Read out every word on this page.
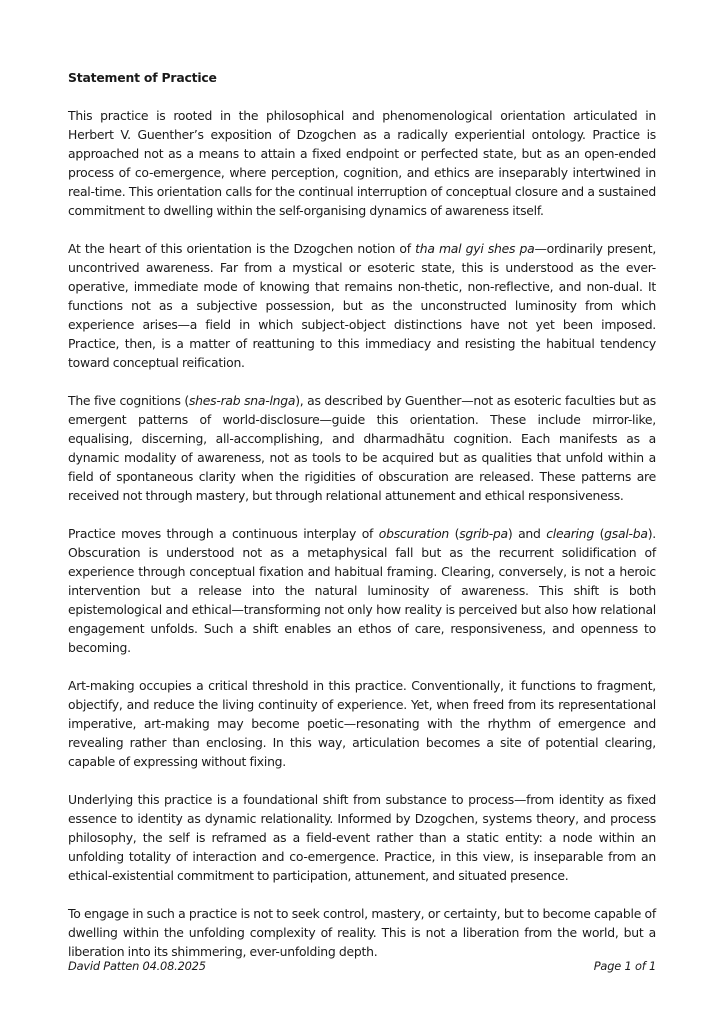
Statement of Practice

This practice is rooted in the philosophical and phenomenological orientation articulated in Herbert V. Guenther’s exposition of Dzogchen as a radically experiential ontology. Practice is approached not as a means to attain a fixed endpoint or perfected state, but as an open-ended process of co-emergence, where perception, cognition, and ethics are inseparably intertwined in real-time. This orientation calls for the continual interruption of conceptual closure and a sustained commitment to dwelling within the self-organising dynamics of awareness itself.

At the heart of this orientation is the Dzogchen notion of tha mal gyi shes pa—ordinarily present, uncontrived awareness. Far from a mystical or esoteric state, this is understood as the ever-operative, immediate mode of knowing that remains non-thetic, non-reflective, and non-dual. It functions not as a subjective possession, but as the unconstructed luminosity from which experience arises—a field in which subject-object distinctions have not yet been imposed. Practice, then, is a matter of reattuning to this immediacy and resisting the habitual tendency toward conceptual reification.

The five cognitions (shes-rab sna-lnga), as described by Guenther—not as esoteric faculties but as emergent patterns of world-disclosure—guide this orientation. These include mirror-like, equalising, discerning, all-accomplishing, and dharmadhātu cognition. Each manifests as a dynamic modality of awareness, not as tools to be acquired but as qualities that unfold within a field of spontaneous clarity when the rigidities of obscuration are released. These patterns are received not through mastery, but through relational attunement and ethical responsiveness.

Practice moves through a continuous interplay of obscuration (sgrib-pa) and clearing (gsal-ba). Obscuration is understood not as a metaphysical fall but as the recurrent solidification of experience through conceptual fixation and habitual framing. Clearing, conversely, is not a heroic intervention but a release into the natural luminosity of awareness. This shift is both epistemological and ethical—transforming not only how reality is perceived but also how relational engagement unfolds. Such a shift enables an ethos of care, responsiveness, and openness to becoming.

Art-making occupies a critical threshold in this practice. Conventionally, it functions to fragment, objectify, and reduce the living continuity of experience. Yet, when freed from its representational imperative, art-making may become poetic—resonating with the rhythm of emergence and revealing rather than enclosing. In this way, articulation becomes a site of potential clearing, capable of expressing without fixing.

Underlying this practice is a foundational shift from substance to process—from identity as fixed essence to identity as dynamic relationality. Informed by Dzogchen, systems theory, and process philosophy, the self is reframed as a field-event rather than a static entity: a node within an unfolding totality of interaction and co-emergence. Practice, in this view, is inseparable from an ethical-existential commitment to participation, attunement, and situated presence.

To engage in such a practice is not to seek control, mastery, or certainty, but to become capable of dwelling within the unfolding complexity of reality. This is not a liberation from the world, but a liberation into its shimmering, ever-unfolding depth.

David Patten 04.08.2025	Page 1 of 1
